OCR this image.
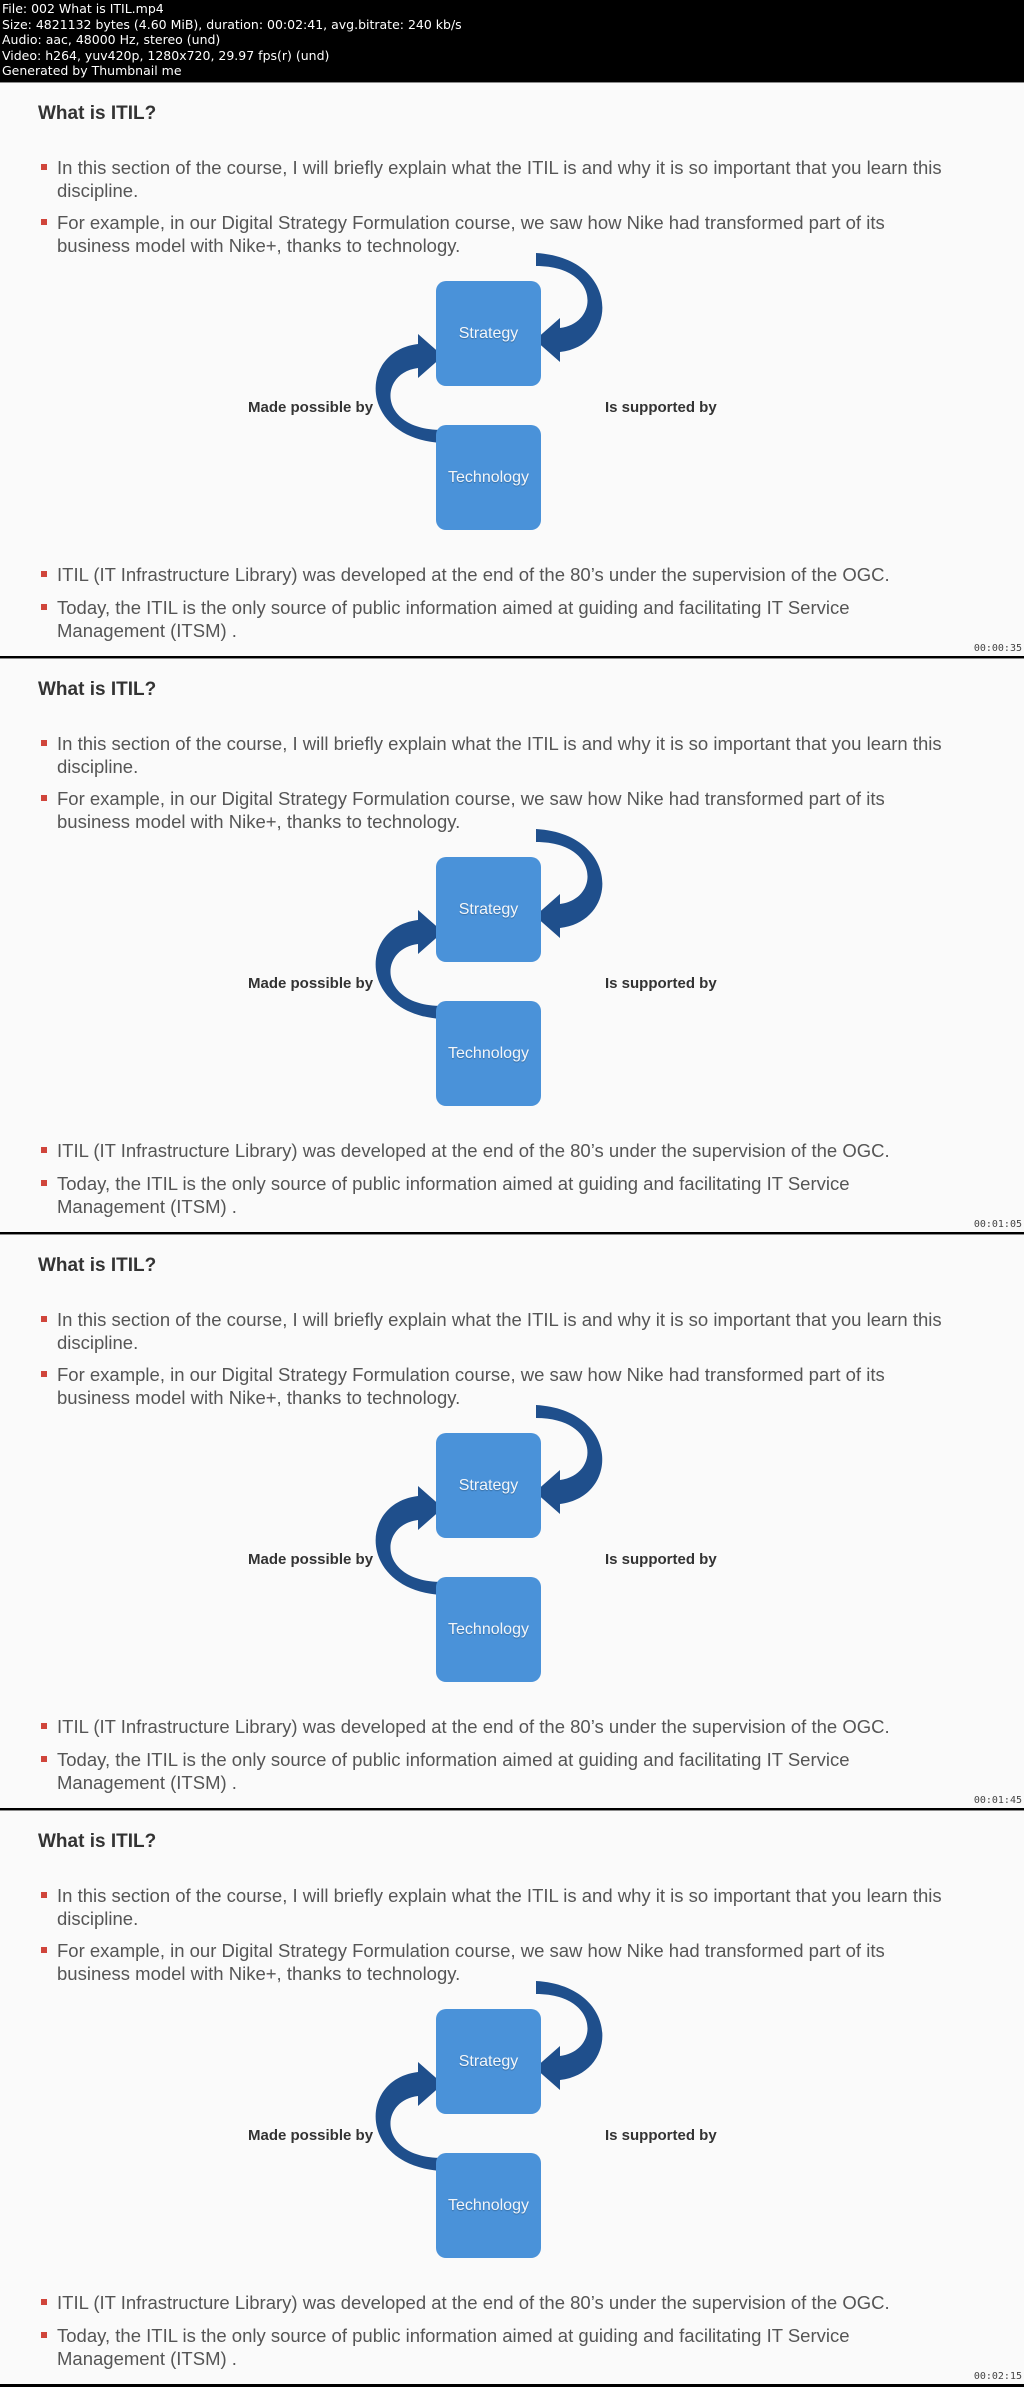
File: 002 What is ITIL.mp4
Size: 4821132 bytes (4.60 MiB), duration: 00:02:41, avg.bitrate: 240 kb/s
Audio: aac, 48000 Hz, stereo (und)
Video: h264, yuv420p, 1280x720, 29.97 fps(r) (und)
Generated by Thumbnail me
What is ITIL?
In this section of the course, I will briefly explain what the ITIL is and why it is so important that you learn this discipline.
For example, in our Digital Strategy Formulation course, we saw how Nike had transformed part of its business model with Nike+, thanks to technology.
Strategy
Technology
Made possible by	Is supported by
ITIL (IT Infrastructure Library) was developed at the end of the 80’s under the supervision of the OGC.
Today, the ITIL is the only source of public information aimed at guiding and facilitating IT Service Management (ITSM) .
00:00:35
What is ITIL?
In this section of the course, I will briefly explain what the ITIL is and why it is so important that you learn this discipline.
For example, in our Digital Strategy Formulation course, we saw how Nike had transformed part of its business model with Nike+, thanks to technology.
Strategy
Technology
Made possible by	Is supported by
ITIL (IT Infrastructure Library) was developed at the end of the 80’s under the supervision of the OGC.
Today, the ITIL is the only source of public information aimed at guiding and facilitating IT Service Management (ITSM) .
00:01:05
What is ITIL?
In this section of the course, I will briefly explain what the ITIL is and why it is so important that you learn this discipline.
For example, in our Digital Strategy Formulation course, we saw how Nike had transformed part of its business model with Nike+, thanks to technology.
Strategy
Technology
Made possible by	Is supported by
ITIL (IT Infrastructure Library) was developed at the end of the 80’s under the supervision of the OGC.
Today, the ITIL is the only source of public information aimed at guiding and facilitating IT Service Management (ITSM) .
00:01:45
What is ITIL?
In this section of the course, I will briefly explain what the ITIL is and why it is so important that you learn this discipline.
For example, in our Digital Strategy Formulation course, we saw how Nike had transformed part of its business model with Nike+, thanks to technology.
Strategy
Technology
Made possible by	Is supported by
ITIL (IT Infrastructure Library) was developed at the end of the 80’s under the supervision of the OGC.
Today, the ITIL is the only source of public information aimed at guiding and facilitating IT Service Management (ITSM) .
00:02:15
